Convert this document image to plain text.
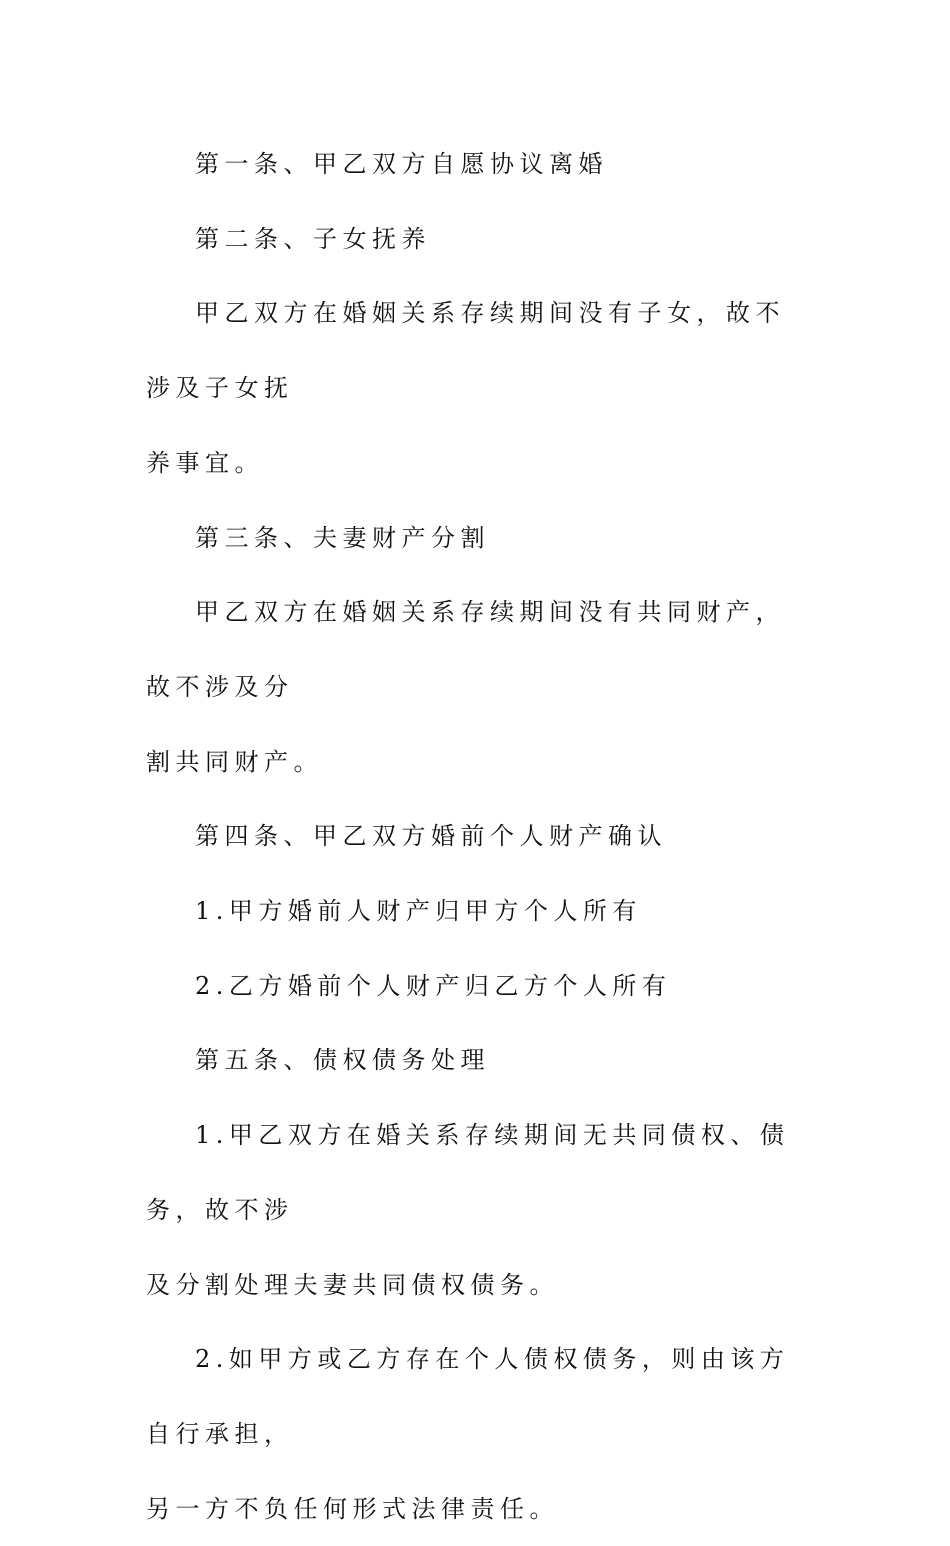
第一条、甲乙双方自愿协议离婚

第二条、子女抚养

甲乙双方在婚姻关系存续期间没有子女，故不涉及子女抚
养事宜。

第三条、夫妻财产分割

甲乙双方在婚姻关系存续期间没有共同财产，故不涉及分
割共同财产。

第四条、甲乙双方婚前个人财产确认

1.甲方婚前人财产归甲方个人所有

2.乙方婚前个人财产归乙方个人所有

第五条、债权债务处理

1.甲乙双方在婚关系存续期间无共同债权、债务，故不涉
及分割处理夫妻共同债权债务。

2.如甲方或乙方存在个人债权债务，则由该方自行承担，
另一方不负任何形式法律责任。
